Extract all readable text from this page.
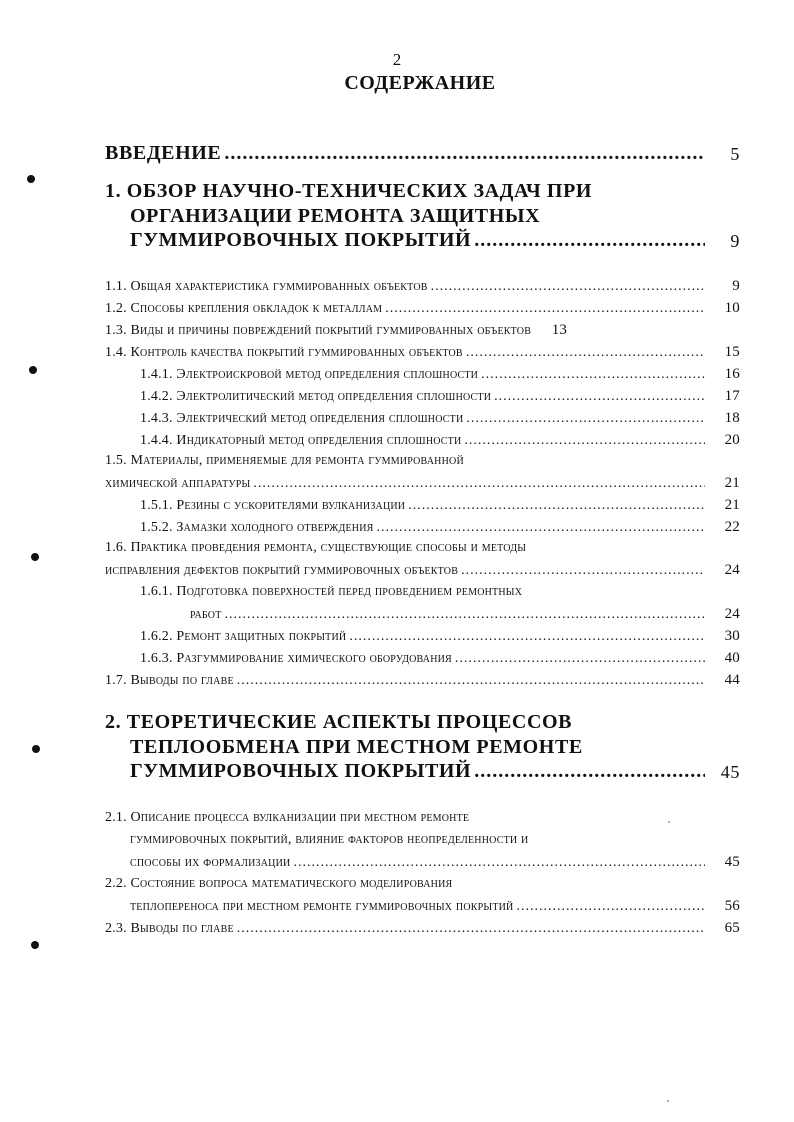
2
СОДЕРЖАНИЕ
ВВЕДЕНИЕ .....	5
1. ОБЗОР НАУЧНО-ТЕХНИЧЕСКИХ ЗАДАЧ ПРИ
ОРГАНИЗАЦИИ РЕМОНТА ЗАЩИТНЫХ
ГУММИРОВОЧНЫХ ПОКРЫТИЙ .....	9
1.1. Общая характеристика гуммированных объектов .....	9
1.2. Способы крепления обкладок к металлам .....	10
1.3. Виды и причины повреждений покрытий гуммированных объектов	13
1.4. Контроль качества покрытий гуммированных объектов .....	15
1.4.1. Электроискровой метод определения сплошности .....	16
1.4.2. Электролитический метод определения сплошности .....	17
1.4.3. Электрический метод определения сплошности .....	18
1.4.4. Индикаторный метод определения сплошности .....	20
1.5. Материалы, применяемые для ремонта гуммированной
химической аппаратуры .....	21
1.5.1. Резины с ускорителями вулканизации .....	21
1.5.2. Замазки холодного отверждения .....	22
1.6. Практика проведения ремонта, существующие способы и методы
исправления дефектов покрытий гуммировочных объектов .....	24
1.6.1. Подготовка поверхностей перед проведением ремонтных
работ .....	24
1.6.2. Ремонт защитных покрытий .....	30
1.6.3. Разгуммирование химического оборудования .....	40
1.7. Выводы по главе .....	44
2. ТЕОРЕТИЧЕСКИЕ АСПЕКТЫ ПРОЦЕССОВ
ТЕПЛООБМЕНА ПРИ МЕСТНОМ РЕМОНТЕ
ГУММИРОВОЧНЫХ ПОКРЫТИЙ .....	45
2.1. Описание процесса вулканизации при местном ремонте
гуммировочных покрытий, влияние факторов неопределенности и
способы их формализации .....	45
2.2. Состояние вопроса математического моделирования
теплопереноса при местном ремонте гуммировочных покрытий .....	56
2.3. Выводы по главе .....	65
